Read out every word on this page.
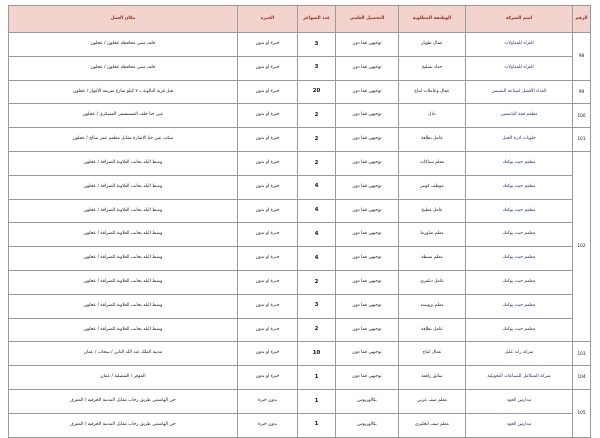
الرقم	اسم الشركة	الوظيفة المطلوبة	التحصيل العلمي	عدد الشواغر	الخبرة	مكان العمل
98	الغزاء للمقاولات	عمال طوبار	توجيهي فما دون	3	خبرة او بدون	خلف مبنى محافظة عجلون / عجلون
	الغزاء للمقاولات	حداد تسليح	توجيهي فما دون	3	خبرة او بدون	خلف مبنى محافظة عجلون / عجلون
99	الغذاء الأفضل لصناعة الشيبس	عمال وعاملات انتاج	توجيهي فما دون	20	خبرة او بدون	قبل قرية البالونة بـ ٣ كيلو شارع تفريعة الأغوار / عجلون
100	مطعم قمة الياسمين	نادل	توجيهي فما دون	2	خبرة او بدون	عين جنا خلف المستشفى العسكري / عجلون
101	حلويات ادرة الجبل	عامل نظافة	توجيهي فما دون	2	خبرة او بدون	سكت عين جنا الاشارة مقابل مطعم عمر صالح / عجلون
102	مطعم جيت بوكتك	معلم سناكات	توجيهي فما دون	2	خبرة او بدون	وسط البلد بجانب العلاونة للصرافة / عجلون
	مطعم جيت بوكتك	موظف كونتر	توجيهي فما دون	4	خبرة او بدون	وسط البلد بجانب العلاونة للصرافة / عجلون
	مطعم جيت بوكتك	عامل مطبخ	توجيهي فما دون	4	خبرة او بدون	وسط البلد بجانب العلاونة للصرافة / عجلون
	مطعم جيت بوكتك	معلم شاورما	توجيهي فما دون	4	خبرة او بدون	وسط البلد بجانب العلاونة للصرافة / عجلون
	مطعم جيت بوكتك	معلم بسطة	توجيهي فما دون	4	خبرة او بدون	وسط البلد بجانب العلاونة للصرافة / عجلون
	مطعم جيت بوكتك	عامل ديلفري	توجيهي فما دون	2	خبرة او بدون	وسط البلد بجانب العلاونة للصرافة / عجلون
	مطعم جيت بوكتك	معلم بروستد	توجيهي فما دون	3	خبرة او بدون	وسط البلد بجانب العلاونة للصرافة / عجلون
	مطعم جيت بوكتك	عامل نظافة	توجيهي فما دون	2	خبرة او بدون	وسط البلد بجانب العلاونة للصرافة / عجلون
103	شركة راند عليل	عمال انتاج	توجيهي فما دون	10	خبرة او بدون	مدينة الملك عبد الله الثاني / سحاب / عمان
104	شركة المتكامل للصناعات التحويلية	سائق رافعة	توجيهي فما دون	1	خبرة او بدون	الموقر / الفيصلية / عمان
105	مدارس الجود	معلم صف عربي	بكالوريوس	1	بدون خبرة	حي الهاشمي طريق رحاب مقابل المدينة الحرفية / المفرق
	مدارس الجود	معلم صف انجليزي	بكالوريوس	1	بدون خبرة	حي الهاشمي طريق رحاب مقابل المدينة الحرفية / المفرق
